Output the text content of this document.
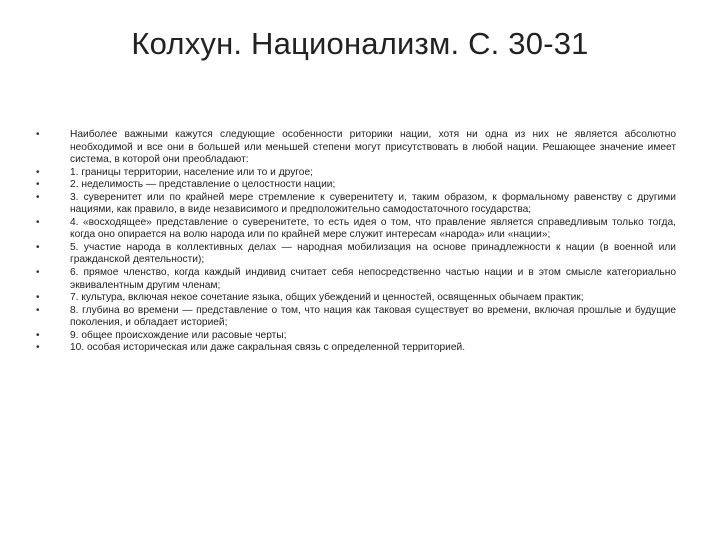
Колхун. Национализм. С. 30-31
•	Наиболее важными кажутся следующие особенности риторики нации, хотя ни одна из них не является абсолютно необходимой и все они в большей или меньшей степени могут присутствовать в любой нации. Решающее значение имеет система, в которой они преобладают:
•	1. границы территории, население или то и другое;
•	2. неделимость — представление о целостности нации;
•	3. суверенитет или по крайней мере стремление к суверенитету и, таким образом, к формальному равенству с другими нациями, как правило, в виде независимого и предположительно самодостаточного государства;
•	4. «восходящее» представление о суверенитете, то есть идея о том, что правление является справедливым только тогда, когда оно опирается на волю народа или по крайней мере служит интересам «народа» или «нации»;
•	5. участие народа в коллективных делах — народная мобилизация на основе принадлежности к нации (в военной или гражданской деятельности);
•	6. прямое членство, когда каждый индивид считает себя непосредственно частью нации и в этом смысле категориально эквивалентным другим членам;
•	7. культура, включая некое сочетание языка, общих убеждений и ценностей, освященных обычаем практик;
•	8. глубина во времени — представление о том, что нация как таковая существует во времени, включая прошлые и будущие поколения, и обладает историей;
•	9. общее происхождение или расовые черты;
•	10. особая историческая или даже сакральная связь с определенной территорией.
